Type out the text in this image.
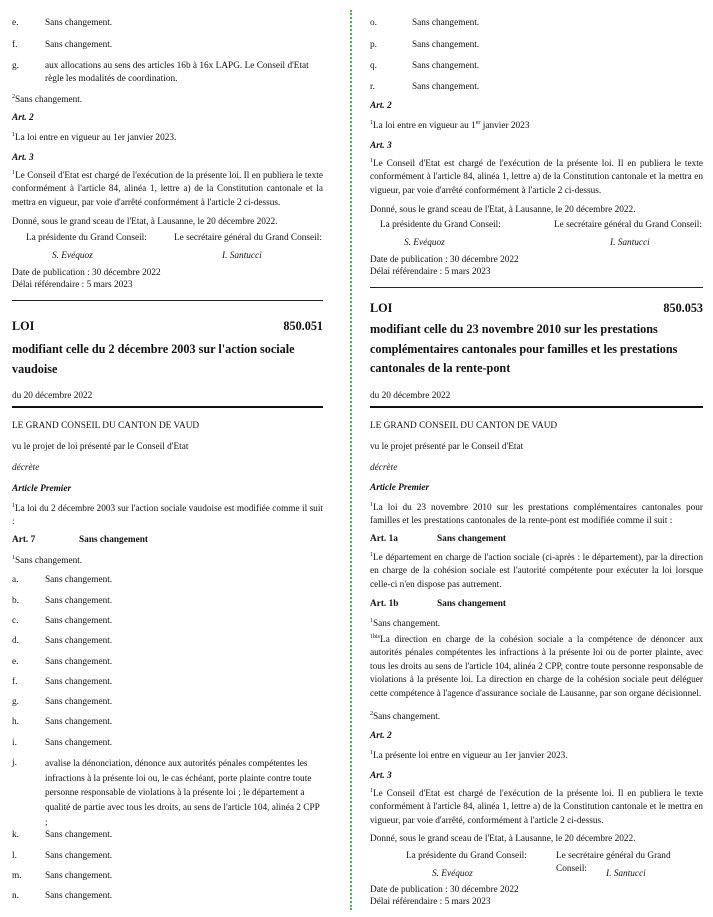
e.	Sans changement.
f.	Sans changement.
g.	aux allocations au sens des articles 16b à 16x LAPG. Le Conseil d'Etat règle les modalités de coordination.

$^2$Sans changement.

Art. 2

$^1$La loi entre en vigueur au 1er janvier 2023.

Art. 3

$^1$Le Conseil d'Etat est chargé de l'exécution de la présente loi. Il en publiera le texte conformément à l'article 84, alinéa 1, lettre a) de la Constitution cantonale et la mettra en vigueur, par voie d'arrêté conformément à l'article 2 ci-dessus.

Donné, sous le grand sceau de l'Etat, à Lausanne, le 20 décembre 2022.

La présidente du Grand Conseil:	Le secrétaire général du Grand Conseil:
S. Evéquoz	I. Santucci

Date de publication : 30 décembre 2022

Délai référendaire : 5 mars 2023

LOI	850.051
modifiant celle du 2 décembre 2003 sur l'action sociale vaudoise

du 20 décembre 2022

LE GRAND CONSEIL DU CANTON DE VAUD

vu le projet de loi présenté par le Conseil d'Etat

décrète

Article Premier

$^1$La loi du 2 décembre 2003 sur l'action sociale vaudoise est modifiée comme il suit :

Art. 7	Sans changement

$^1$Sans changement.

a.	Sans changement.
b.	Sans changement.
c.	Sans changement.
d.	Sans changement.
e.	Sans changement.
f.	Sans changement.
g.	Sans changement.
h.	Sans changement.
i.	Sans changement.
j.	avalise la dénonciation, dénonce aux autorités pénales compétentes les infractions à la présente loi ou, le cas échéant, porte plainte contre toute personne responsable de violations à la présente loi ; le département a qualité de partie avec tous les droits, au sens de l'article 104, alinéa 2 CPP ;
k.	Sans changement.
l.	Sans changement.
m.	Sans changement.
n.	Sans changement.
o.	Sans changement.
p.	Sans changement.
q.	Sans changement.
r.	Sans changement.

Art. 2

$^1$La loi entre en vigueur au 1er janvier 2023

Art. 3

$^1$Le Conseil d'Etat est chargé de l'exécution de la présente loi. Il en publiera le texte conformément à l'article 84, alinéa 1, lettre a) de la Constitution cantonale et la mettra en vigueur, par voie d'arrêté conformément à l'article 2 ci-dessus.

Donné, sous le grand sceau de l'Etat, à Lausanne, le 20 décembre 2022.

La présidente du Grand Conseil:	Le secrétaire général du Grand Conseil:
S. Evéquoz	I. Santucci

Date de publication : 30 décembre 2022

Délai référendaire : 5 mars 2023

LOI	850.053
modifiant celle du 23 novembre 2010 sur les prestations complémentaires cantonales pour familles et les prestations cantonales de la rente-pont

du 20 décembre 2022

LE GRAND CONSEIL DU CANTON DE VAUD

vu le projet présenté par le Conseil d'Etat

décrète

Article Premier

$^1$La loi du 23 novembre 2010 sur les prestations complémentaires cantonales pour familles et les prestations cantonales de la rente-pont est modifiée comme il suit :

Art. 1a	Sans changement

$^1$Le département en charge de l'action sociale (ci-après : le département), par la direction en charge de la cohésion sociale est l'autorité compétente pour exécuter la loi lorsque celle-ci n'en dispose pas autrement.

Art. 1b	Sans changement

$^1$Sans changement.

$^{1bis}$La direction en charge de la cohésion sociale a la compétence de dénoncer aux autorités pénales compétentes les infractions à la présente loi ou de porter plainte, avec tous les droits au sens de l'article 104, alinéa 2 CPP, contre toute personne responsable de violations à la présente loi. La direction en charge de la cohésion sociale peut déléguer cette compétence à l'agence d'assurance sociale de Lausanne, par son organe décisionnel.

$^2$Sans changement.

Art. 2

$^1$La présente loi entre en vigueur au 1er janvier 2023.

Art. 3

$^1$Le Conseil d'Etat est chargé de l'exécution de la présente loi. Il en publiera le texte conformément à l'article 84, alinéa 1, lettre a) de la Constitution cantonale et le mettra en vigueur, par voie d'arrêté, conformément à l'article 2 ci-dessus.

Donné, sous le grand sceau de l'Etat, à Lausanne, le 20 décembre 2022.

La présidente du Grand Conseil:	Le secrétaire général du Grand Conseil:
S. Evéquoz	I. Santucci

Date de publication : 30 décembre 2022

Délai référendaire : 5 mars 2023
